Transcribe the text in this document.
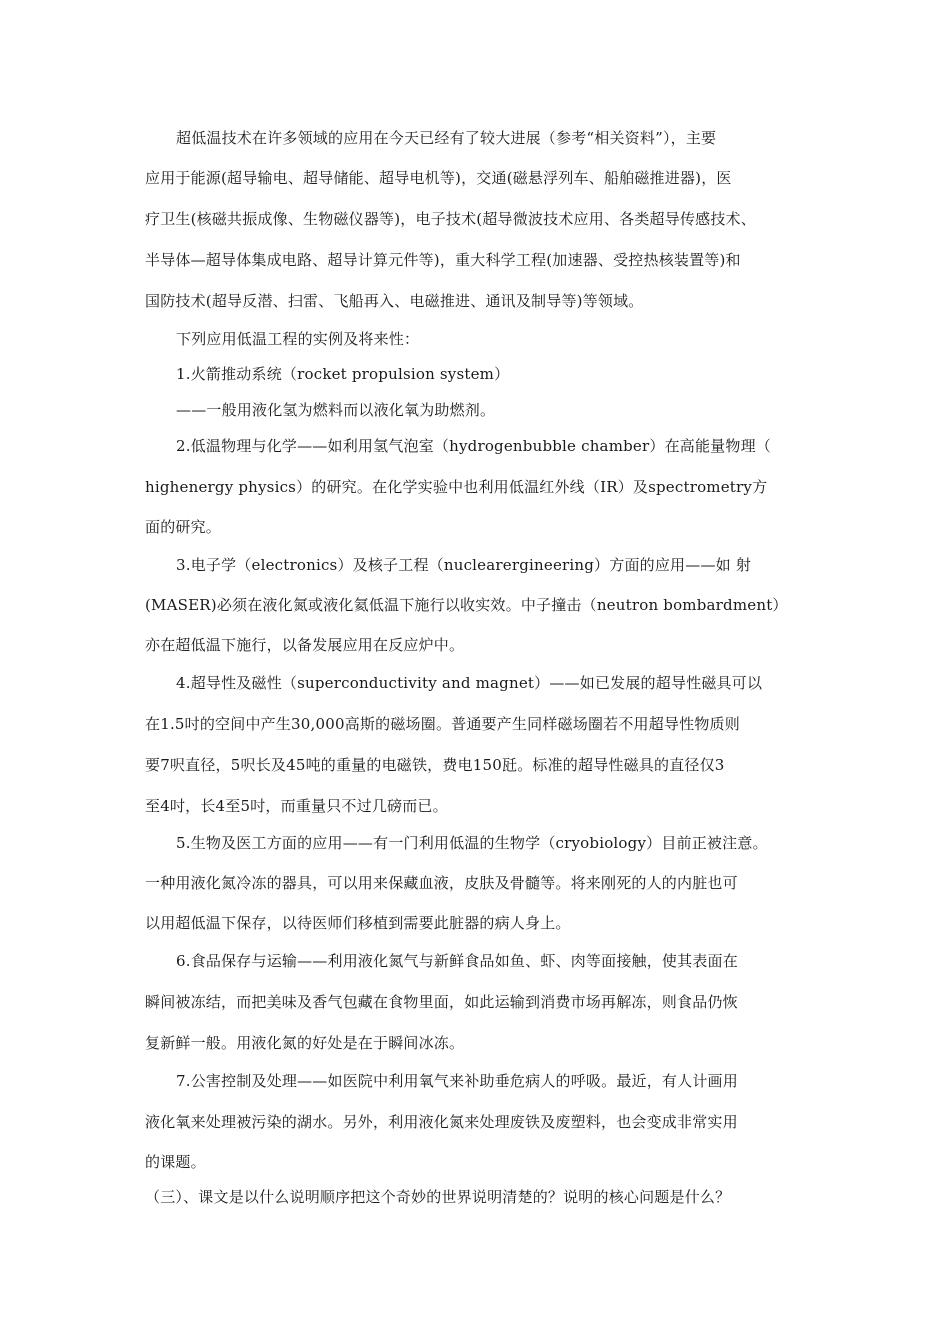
超低温技术在许多领域的应用在今天已经有了较大进展（参考“相关资料”），主要
应用于能源(超导输电、超导储能、超导电机等)，交通(磁悬浮列车、船舶磁推进器)，医
疗卫生(核磁共振成像、生物磁仪器等)，电子技术(超导微波技术应用、各类超导传感技术、
半导体—超导体集成电路、超导计算元件等)，重大科学工程(加速器、受控热核装置等)和
国防技术(超导反潜、扫雷、飞船再入、电磁推进、通讯及制导等)等领域。
下列应用低温工程的实例及将来性：
1.火箭推动系统（rocket propulsion system）
——一般用液化氢为燃料而以液化氧为助燃剂。
2.低温物理与化学——如利用氢气泡室（hydrogenbubble chamber）在高能量物理（
highenergy physics）的研究。在化学实验中也利用低温红外线（IR）及spectrometry方
面的研究。
3.电子学（electronics）及核子工程（nuclearergineering）方面的应用——如 射
(MASER)必须在液化氮或液化氦低温下施行以收实效。中子撞击（neutron bombardment）
亦在超低温下施行，以备发展应用在反应炉中。
4.超导性及磁性（superconductivity and magnet）——如已发展的超导性磁具可以
在1.5吋的空间中产生30,000高斯的磁场圈。普通要产生同样磁场圈若不用超导性物质则
要7呎直径，5呎长及45吨的重量的电磁铁，费电150瓩。标准的超导性磁具的直径仅3
至4吋，长4至5吋，而重量只不过几磅而已。
5.生物及医工方面的应用——有一门利用低温的生物学（cryobiology）目前正被注意。
一种用液化氮冷冻的器具，可以用来保藏血液，皮肤及骨髓等。将来刚死的人的内脏也可
以用超低温下保存，以待医师们移植到需要此脏器的病人身上。
6.食品保存与运输——利用液化氮气与新鲜食品如鱼、虾、肉等面接触，使其表面在
瞬间被冻结，而把美味及香气包藏在食物里面，如此运输到消费市场再解冻，则食品仍恢
复新鲜一般。用液化氮的好处是在于瞬间冰冻。
7.公害控制及处理——如医院中利用氧气来补助垂危病人的呼吸。最近，有人计画用
液化氧来处理被污染的湖水。另外，利用液化氮来处理废铁及废塑料，也会变成非常实用
的课题。
（三）、课文是以什么说明顺序把这个奇妙的世界说明清楚的？说明的核心问题是什么？
